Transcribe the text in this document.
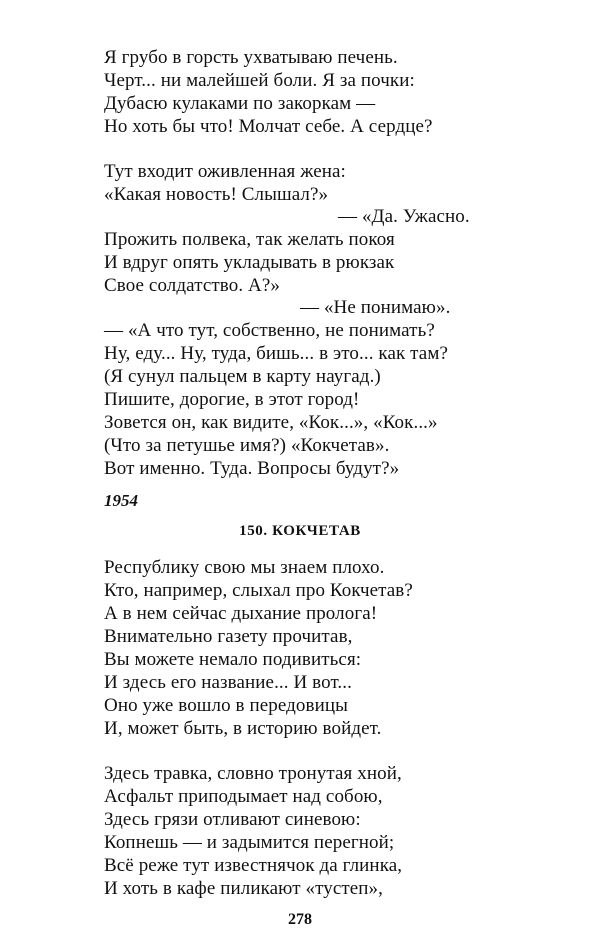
Я грубо в горсть ухватываю печень.
Черт... ни малейшей боли. Я за почки:
Дубасю кулаками по закоркам —
Но хоть бы что! Молчат себе. А сердце?
Тут входит оживленная жена:
«Какая новость! Слышал?»
— «Да. Ужасно.
Прожить полвека, так желать покоя
И вдруг опять укладывать в рюкзак
Свое солдатство. А?»
— «Не понимаю».
— «А что тут, собственно, не понимать?
Ну, еду... Ну, туда, бишь... в это... как там?
(Я сунул пальцем в карту наугад.)
Пишите, дорогие, в этот город!
Зовется он, как видите, «Кок...», «Кок...»
(Что за петушье имя?) «Кокчетав».
Вот именно. Туда. Вопросы будут?»
1954
150. КОКЧЕТАВ
Республику свою мы знаем плохо.
Кто, например, слыхал про Кокчетав?
А в нем сейчас дыхание пролога!
Внимательно газету прочитав,
Вы можете немало подивиться:
И здесь его название... И вот...
Оно уже вошло в передовицы
И, может быть, в историю войдет.
Здесь травка, словно тронутая хной,
Асфальт приподымает над собою,
Здесь грязи отливают синевою:
Копнешь — и задымится перегной;
Всё реже тут известнячок да глинка,
И хоть в кафе пиликают «тустеп»,
278
